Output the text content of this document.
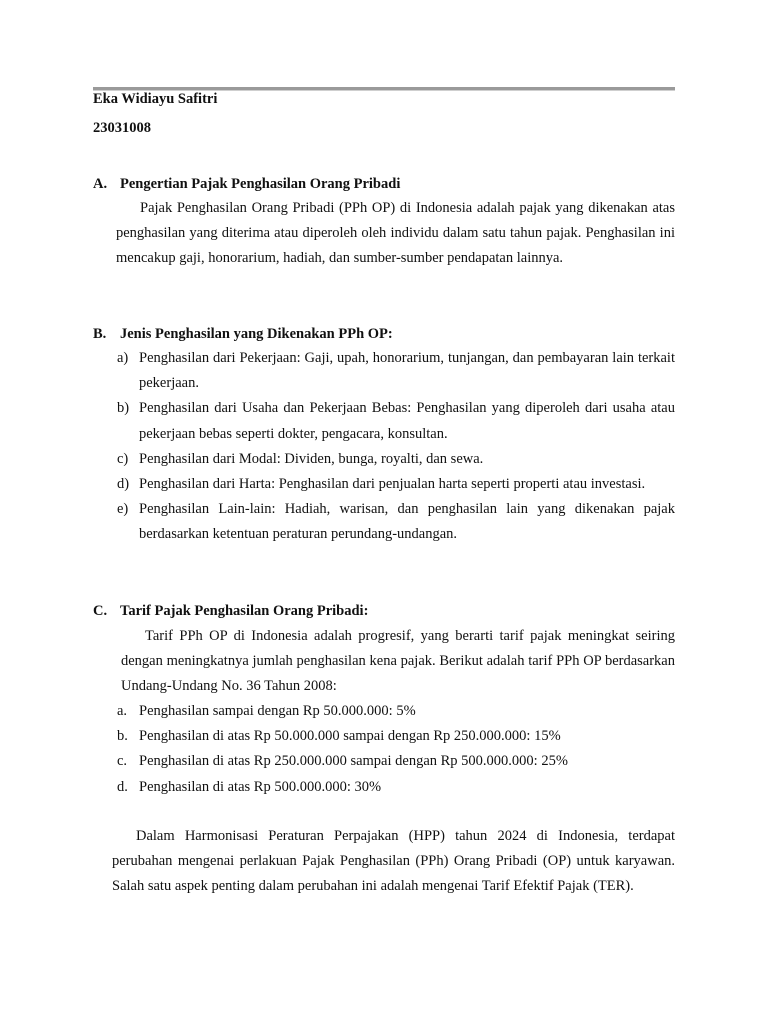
Eka Widiayu Safitri
23031008
A. Pengertian Pajak Penghasilan Orang Pribadi

Pajak Penghasilan Orang Pribadi (PPh OP) di Indonesia adalah pajak yang dikenakan atas penghasilan yang diterima atau diperoleh oleh individu dalam satu tahun pajak. Penghasilan ini mencakup gaji, honorarium, hadiah, dan sumber-sumber pendapatan lainnya.

B. Jenis Penghasilan yang Dikenakan PPh OP:
a) Penghasilan dari Pekerjaan: Gaji, upah, honorarium, tunjangan, dan pembayaran lain terkait pekerjaan.
b) Penghasilan dari Usaha dan Pekerjaan Bebas: Penghasilan yang diperoleh dari usaha atau pekerjaan bebas seperti dokter, pengacara, konsultan.
c) Penghasilan dari Modal: Dividen, bunga, royalti, dan sewa.
d) Penghasilan dari Harta: Penghasilan dari penjualan harta seperti properti atau investasi.
e) Penghasilan Lain-lain: Hadiah, warisan, dan penghasilan lain yang dikenakan pajak berdasarkan ketentuan peraturan perundang-undangan.
C. Tarif Pajak Penghasilan Orang Pribadi:

Tarif PPh OP di Indonesia adalah progresif, yang berarti tarif pajak meningkat seiring dengan meningkatnya jumlah penghasilan kena pajak. Berikut adalah tarif PPh OP berdasarkan Undang-Undang No. 36 Tahun 2008:

a. Penghasilan sampai dengan Rp 50.000.000: 5%
b. Penghasilan di atas Rp 50.000.000 sampai dengan Rp 250.000.000: 15%
c. Penghasilan di atas Rp 250.000.000 sampai dengan Rp 500.000.000: 25%
d. Penghasilan di atas Rp 500.000.000: 30%

Dalam Harmonisasi Peraturan Perpajakan (HPP) tahun 2024 di Indonesia, terdapat perubahan mengenai perlakuan Pajak Penghasilan (PPh) Orang Pribadi (OP) untuk karyawan. Salah satu aspek penting dalam perubahan ini adalah mengenai Tarif Efektif Pajak (TER).
